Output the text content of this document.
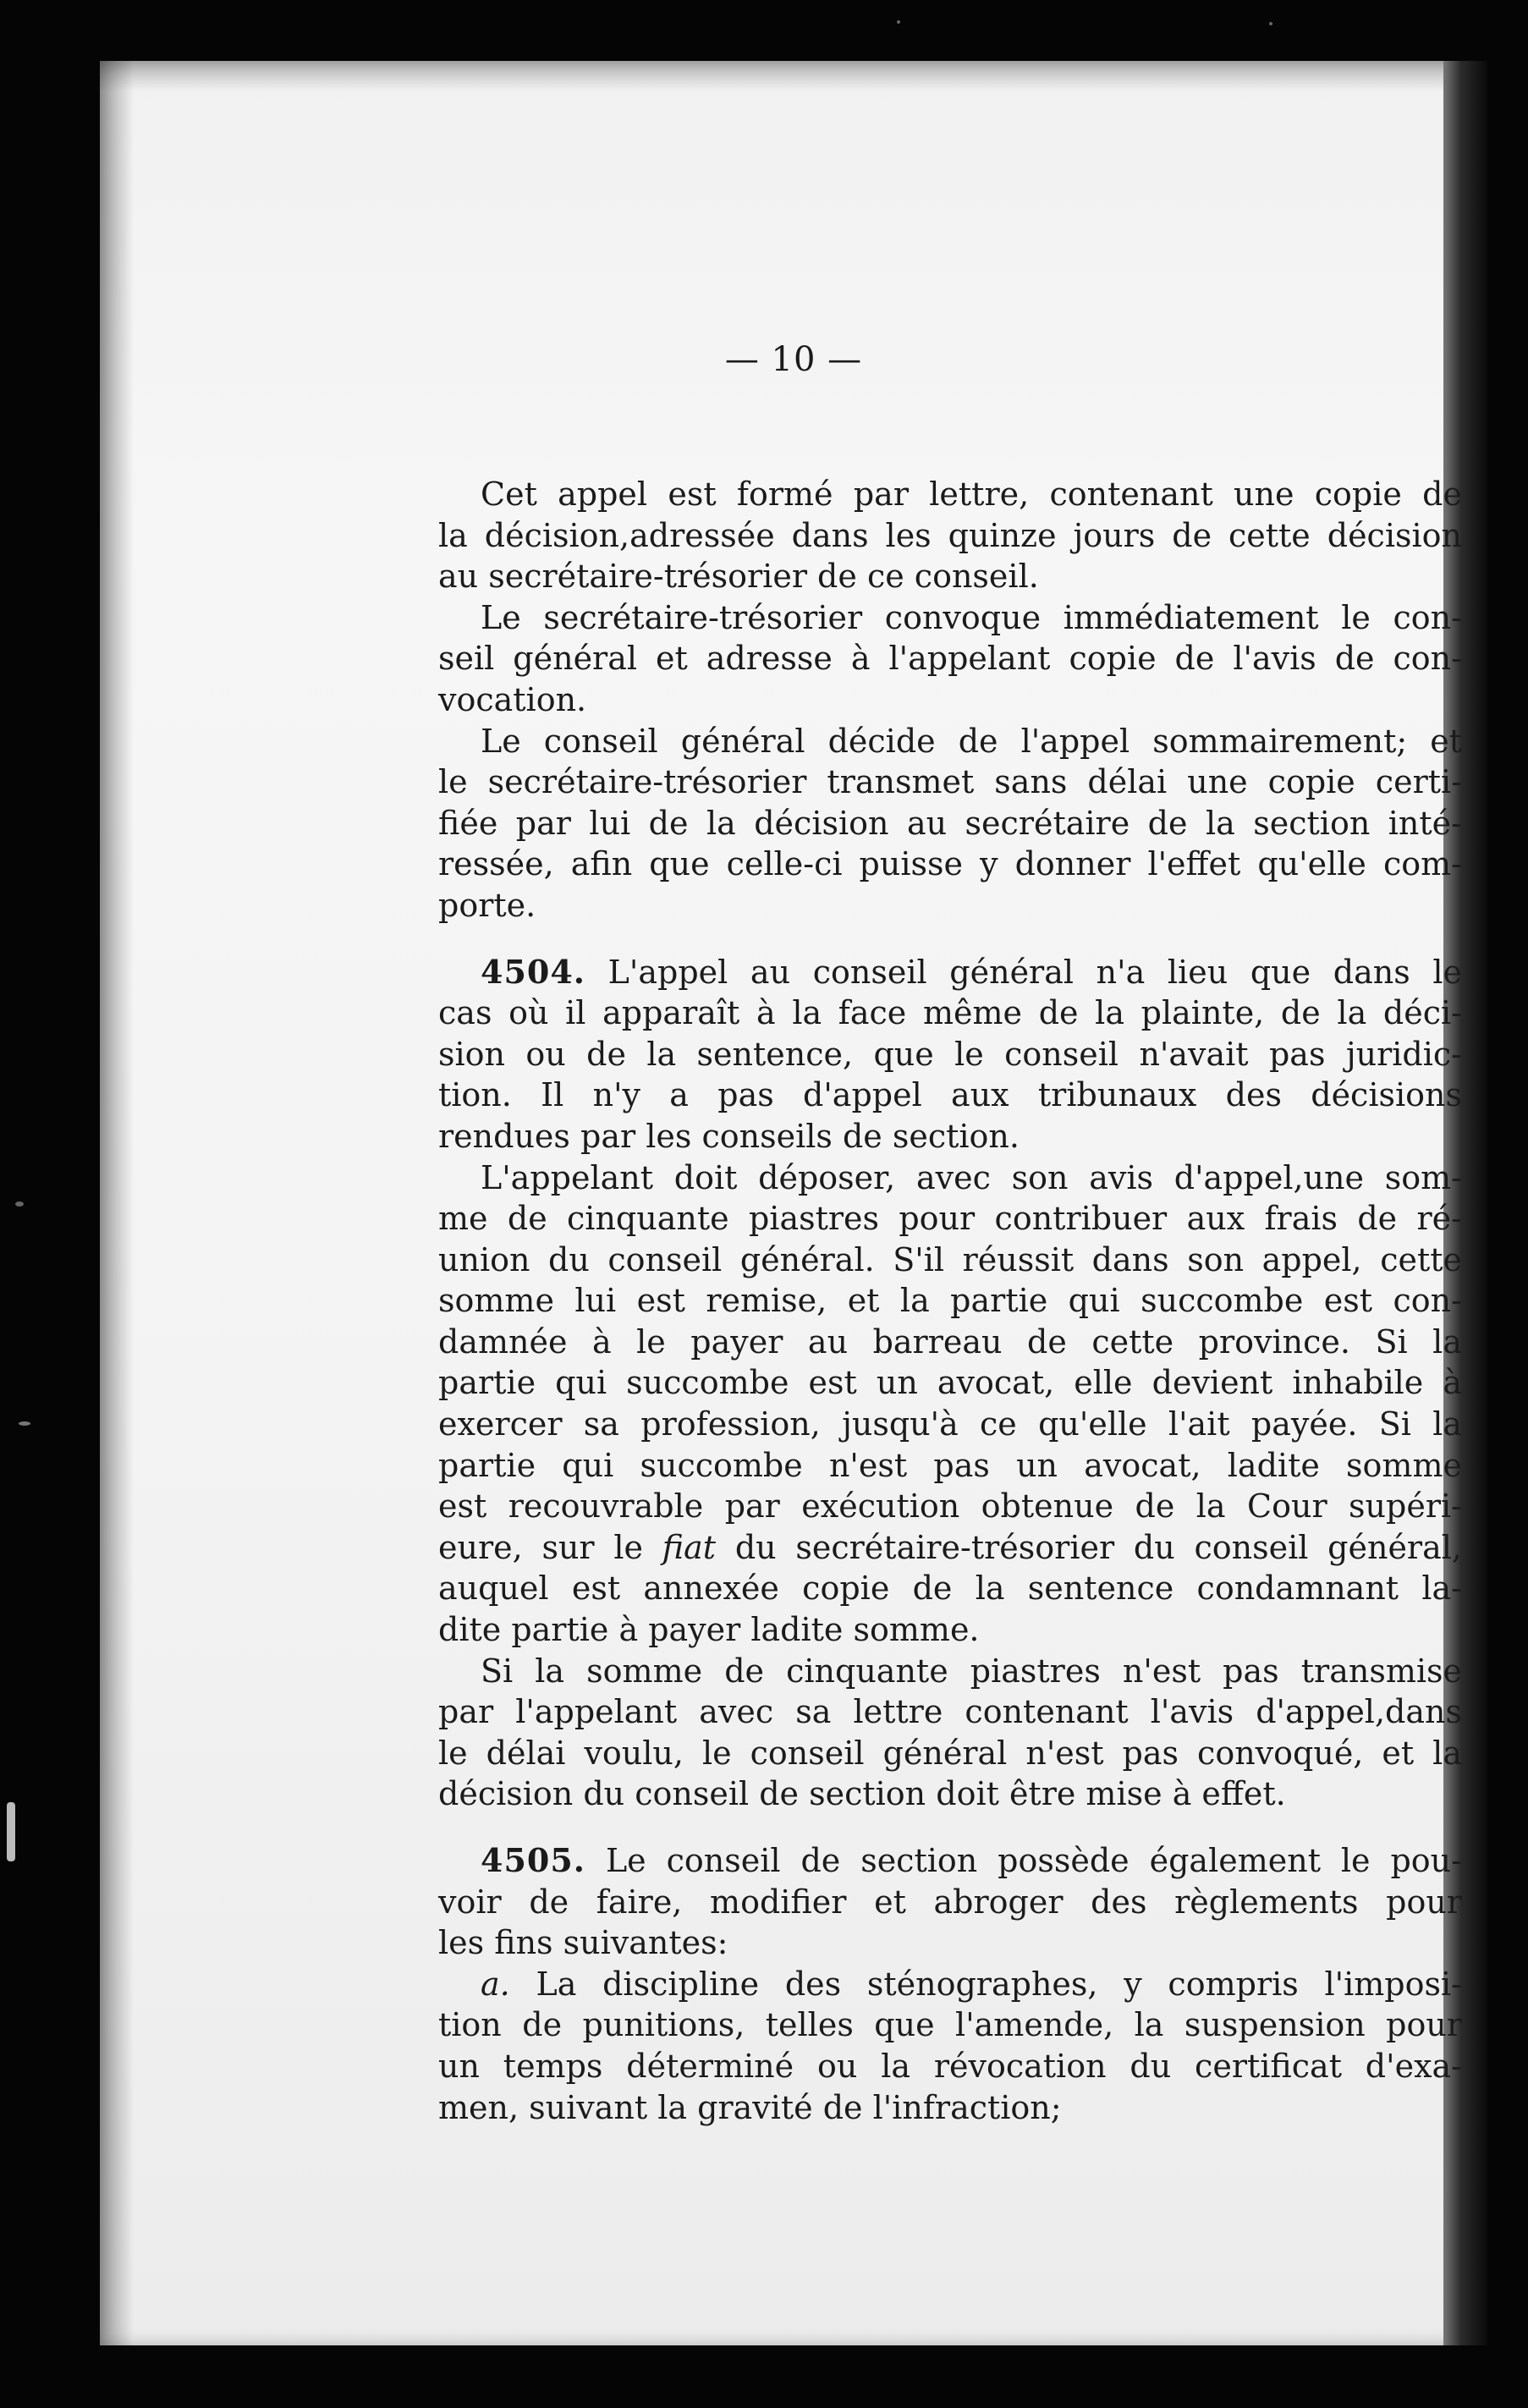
— 10 —
Cet appel est formé par lettre, contenant une copie de
la décision,adressée dans les quinze jours de cette décision
au secrétaire-trésorier de ce conseil.
Le secrétaire-trésorier convoque immédiatement le con-
seil général et adresse à l'appelant copie de l'avis de con-
vocation.
Le conseil général décide de l'appel sommairement; et
le secrétaire-trésorier transmet sans délai une copie certi-
fiée par lui de la décision au secrétaire de la section inté-
ressée, afin que celle-ci puisse y donner l'effet qu'elle com-
porte.
4504. L'appel au conseil général n'a lieu que dans le
cas où il apparaît à la face même de la plainte, de la déci-
sion ou de la sentence, que le conseil n'avait pas juridic-
tion. Il n'y a pas d'appel aux tribunaux des décisions
rendues par les conseils de section.
L'appelant doit déposer, avec son avis d'appel,une som-
me de cinquante piastres pour contribuer aux frais de ré-
union du conseil général. S'il réussit dans son appel, cette
somme lui est remise, et la partie qui succombe est con-
damnée à le payer au barreau de cette province. Si la
partie qui succombe est un avocat, elle devient inhabile à
exercer sa profession, jusqu'à ce qu'elle l'ait payée. Si la
partie qui succombe n'est pas un avocat, ladite somme
est recouvrable par exécution obtenue de la Cour supéri-
eure, sur le fiat du secrétaire-trésorier du conseil général,
auquel est annexée copie de la sentence condamnant la-
dite partie à payer ladite somme.
Si la somme de cinquante piastres n'est pas transmise
par l'appelant avec sa lettre contenant l'avis d'appel,dans
le délai voulu, le conseil général n'est pas convoqué, et la
décision du conseil de section doit être mise à effet.
4505. Le conseil de section possède également le pou-
voir de faire, modifier et abroger des règlements pour
les fins suivantes:
a. La discipline des sténographes, y compris l'imposi-
tion de punitions, telles que l'amende, la suspension pour
un temps déterminé ou la révocation du certificat d'exa-
men, suivant la gravité de l'infraction;
